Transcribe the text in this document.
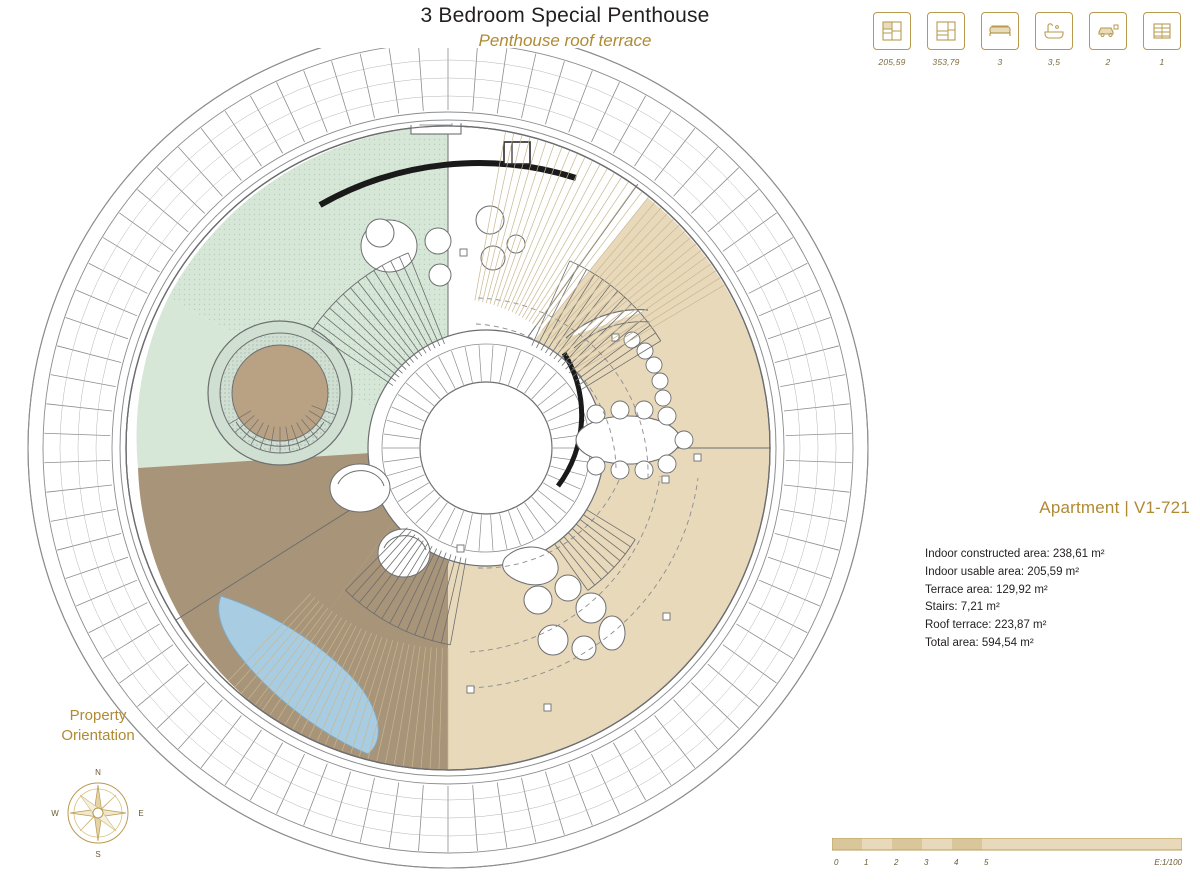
3 Bedroom Special Penthouse
Penthouse roof terrace
205,59	353,79	3	3,5	2	1
Apartment | V1-721
Indoor constructed area: 238,61 m²
Indoor usable area: 205,59 m²
Terrace area: 129,92 m²
Stairs: 7,21 m²
Roof terrace: 223,87 m²
Total area: 594,54 m²
Property
Orientation
N
E
S
W
0	1	2	3	4	5	E:1/100
